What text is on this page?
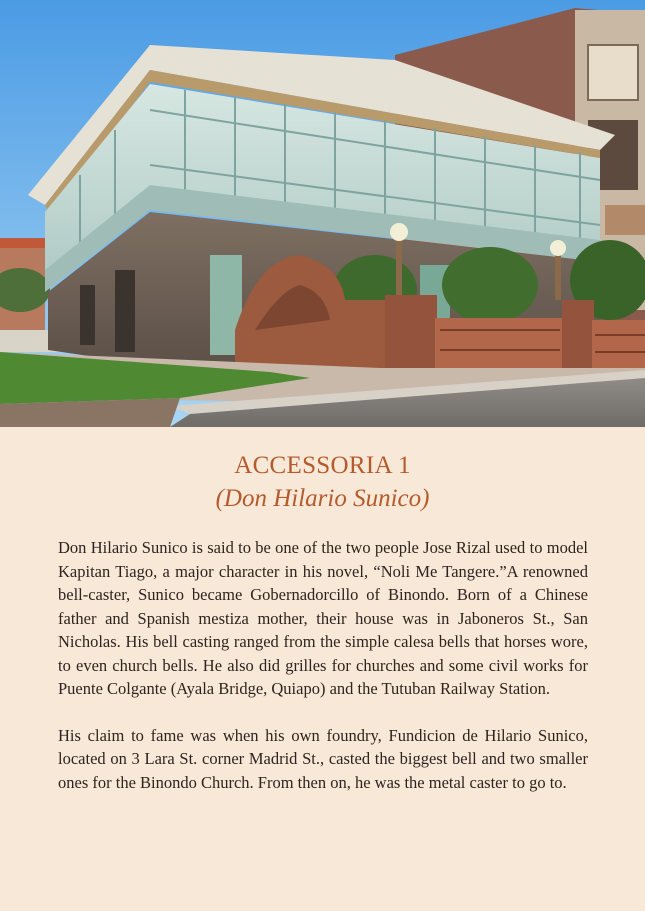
ACCESSORIA 1
(Don Hilario Sunico)

Don Hilario Sunico is said to be one of the two people Jose Rizal used to model Kapitan Tiago, a major character in his novel, “Noli Me Tangere.”A renowned bell-caster, Sunico became Gobernadorcillo of Binondo. Born of a Chinese father and Spanish mestiza mother, their house was in Jaboneros St., San Nicholas. His bell casting ranged from the simple calesa bells that horses wore, to even church bells. He also did grilles for churches and some civil works for Puente Colgante (Ayala Bridge, Quiapo) and the Tutuban Railway Station.

His claim to fame was when his own foundry, Fundicion de Hilario Sunico, located on 3 Lara St. corner Madrid St., casted the biggest bell and two smaller ones for the Binondo Church. From then on, he was the metal caster to go to.
